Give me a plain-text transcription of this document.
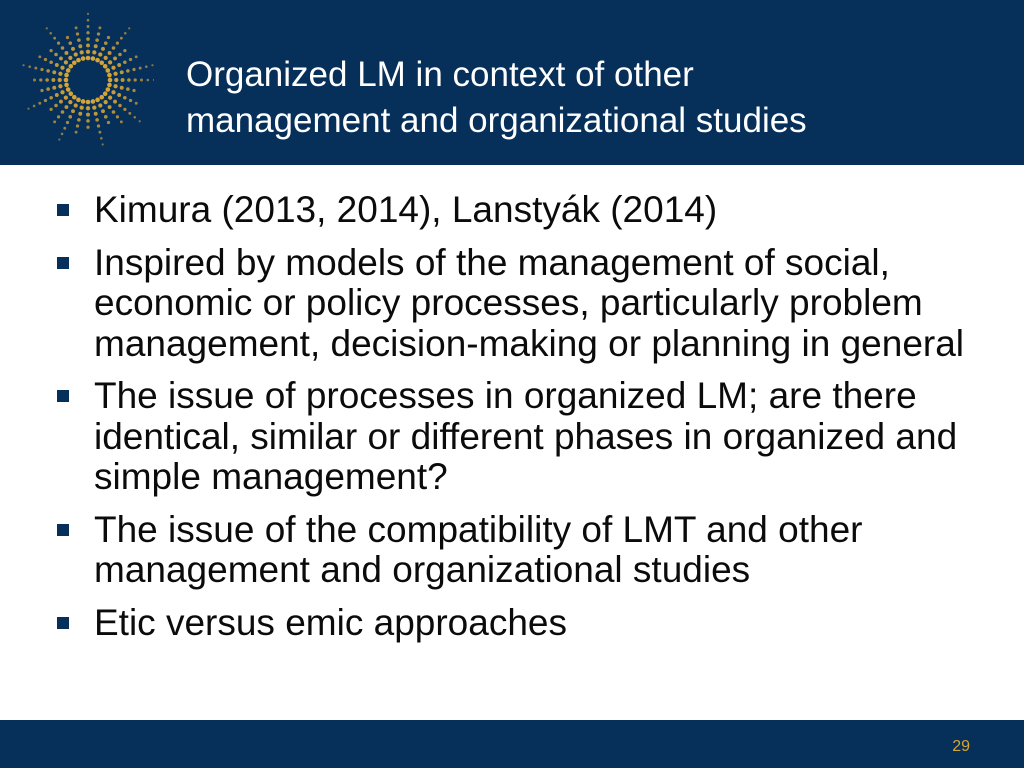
Organized LM in context of other
management and organizational studies
Kimura (2013, 2014), Lanstyák (2014)
Inspired by models of the management of social, economic or policy processes, particularly problem management, decision-making or planning in general
The issue of processes in organized LM; are there identical, similar or different phases in organized and simple management?
The issue of the compatibility of LMT and other management and organizational studies
Etic versus emic approaches
29
